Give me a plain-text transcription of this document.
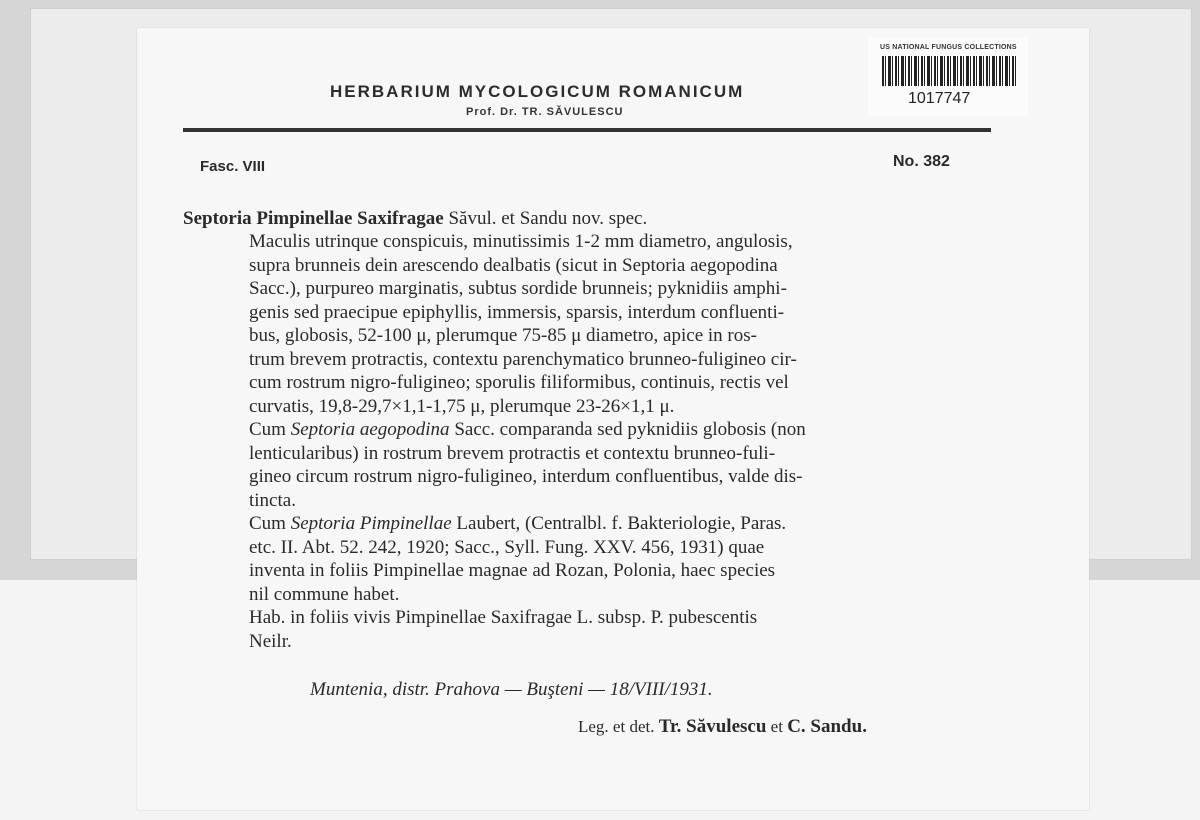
US NATIONAL FUNGUS COLLECTIONS
1017747
HERBARIUM MYCOLOGICUM ROMANICUM
Prof. Dr. TR. SĂVULESCU
Fasc. VIII	No. 382
Septoria Pimpinellae Saxifragae Săvul. et Sandu nov. spec.

Maculis utrinque conspicuis, minutissimis 1-2 mm diametro, angulosis,
supra brunneis dein arescendo dealbatis (sicut in Septoria aegopodina
Sacc.), purpureo marginatis, subtus sordide brunneis; pyknidiis amphi-
genis sed praecipue epiphyllis, immersis, sparsis, interdum confluenti-
bus, globosis, 52-100 μ, plerumque 75-85 μ diametro, apice in ros-
trum brevem protractis, contextu parenchymatico brunneo-fuligineo cir-
cum rostrum nigro-fuligineo; sporulis filiformibus, continuis, rectis vel
curvatis, 19,8-29,7×1,1-1,75 μ, plerumque 23-26×1,1 μ.

Cum Septoria aegopodina Sacc. comparanda sed pyknidiis globosis (non
lenticularibus) in rostrum brevem protractis et contextu brunneo-fuli-
gineo circum rostrum nigro-fuligineo, interdum confluentibus, valde dis-
tincta.

Cum Septoria Pimpinellae Laubert, (Centralbl. f. Bakteriologie, Paras.
etc. II. Abt. 52. 242, 1920; Sacc., Syll. Fung. XXV. 456, 1931) quae
inventa in foliis Pimpinellae magnae ad Rozan, Polonia, haec species
nil commune habet.

Hab. in foliis vivis Pimpinellae Saxifragae L. subsp. P. pubescentis
Neilr.

Muntenia, distr. Prahova — Buşteni — 18/VIII/1931.
Leg. et det. Tr. Săvulescu et C. Sandu.
